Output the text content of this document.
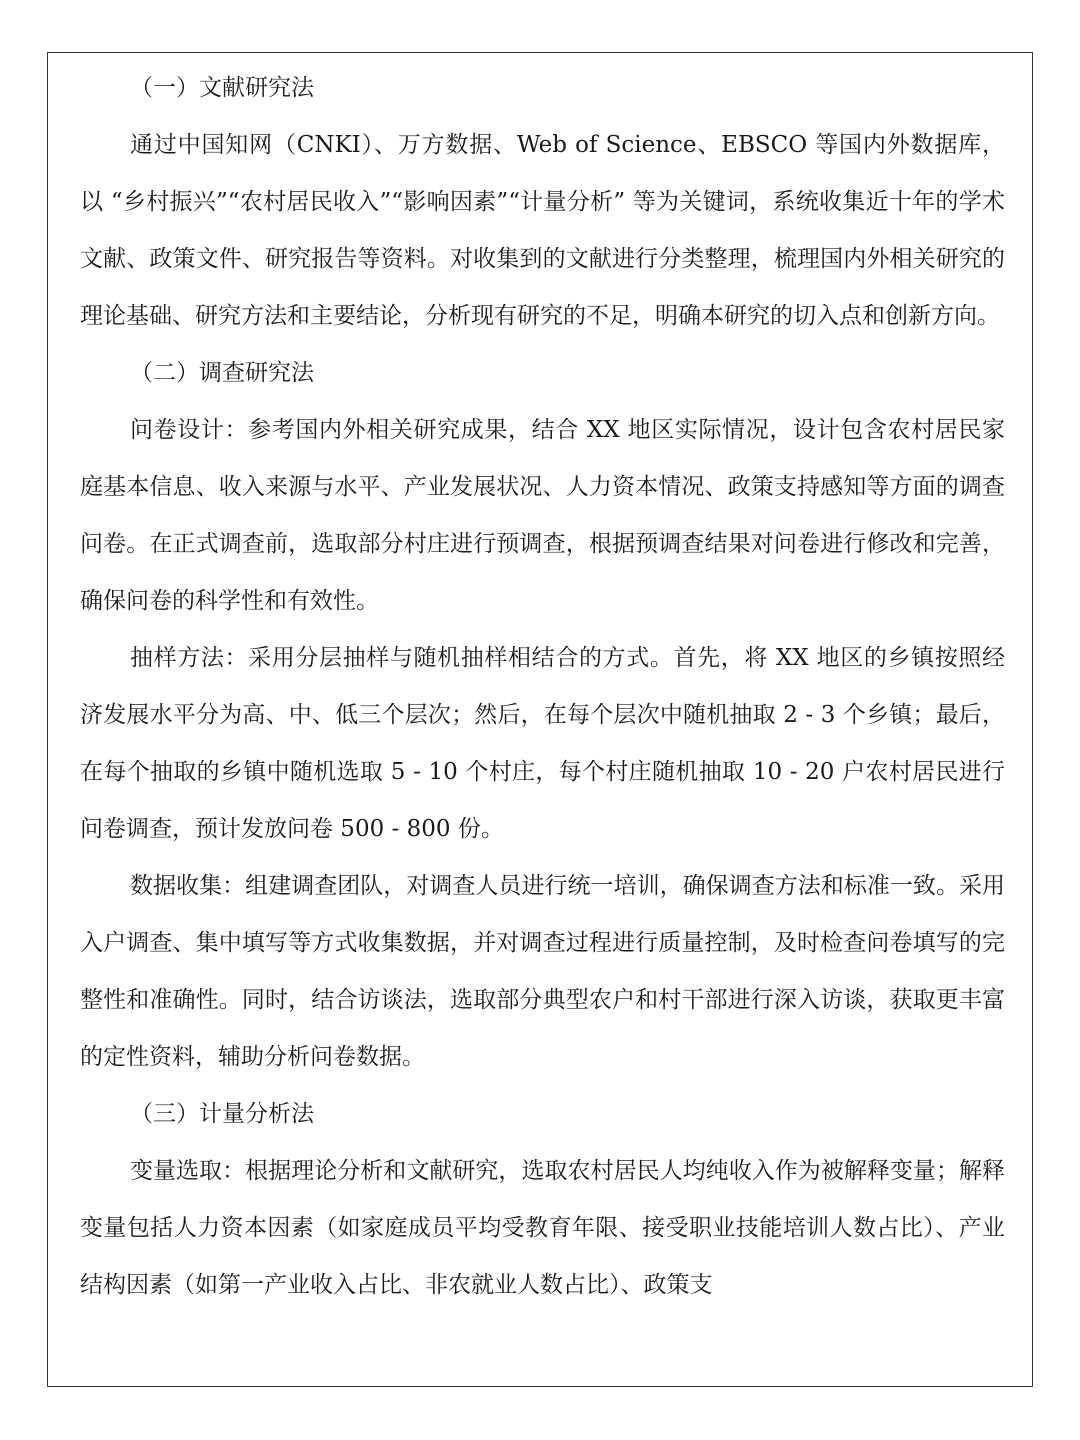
（一）文献研究法

通过中国知网（CNKI）、万方数据、Web of Science、EBSCO 等国内外数据库，以 “乡村振兴”“农村居民收入”“影响因素”“计量分析” 等为关键词，系统收集近十年的学术文献、政策文件、研究报告等资料。对收集到的文献进行分类整理，梳理国内外相关研究的理论基础、研究方法和主要结论，分析现有研究的不足，明确本研究的切入点和创新方向。

（二）调查研究法

问卷设计：参考国内外相关研究成果，结合 XX 地区实际情况，设计包含农村居民家庭基本信息、收入来源与水平、产业发展状况、人力资本情况、政策支持感知等方面的调查问卷。在正式调查前，选取部分村庄进行预调查，根据预调查结果对问卷进行修改和完善，确保问卷的科学性和有效性。

抽样方法：采用分层抽样与随机抽样相结合的方式。首先，将 XX 地区的乡镇按照经济发展水平分为高、中、低三个层次；然后，在每个层次中随机抽取 2 - 3 个乡镇；最后，在每个抽取的乡镇中随机选取 5 - 10 个村庄，每个村庄随机抽取 10 - 20 户农村居民进行问卷调查，预计发放问卷 500 - 800 份。

数据收集：组建调查团队，对调查人员进行统一培训，确保调查方法和标准一致。采用入户调查、集中填写等方式收集数据，并对调查过程进行质量控制，及时检查问卷填写的完整性和准确性。同时，结合访谈法，选取部分典型农户和村干部进行深入访谈，获取更丰富的定性资料，辅助分析问卷数据。

（三）计量分析法

变量选取：根据理论分析和文献研究，选取农村居民人均纯收入作为被解释变量；解释变量包括人力资本因素（如家庭成员平均受教育年限、接受职业技能培训人数占比）、产业结构因素（如第一产业收入占比、非农就业人数占比）、政策支
